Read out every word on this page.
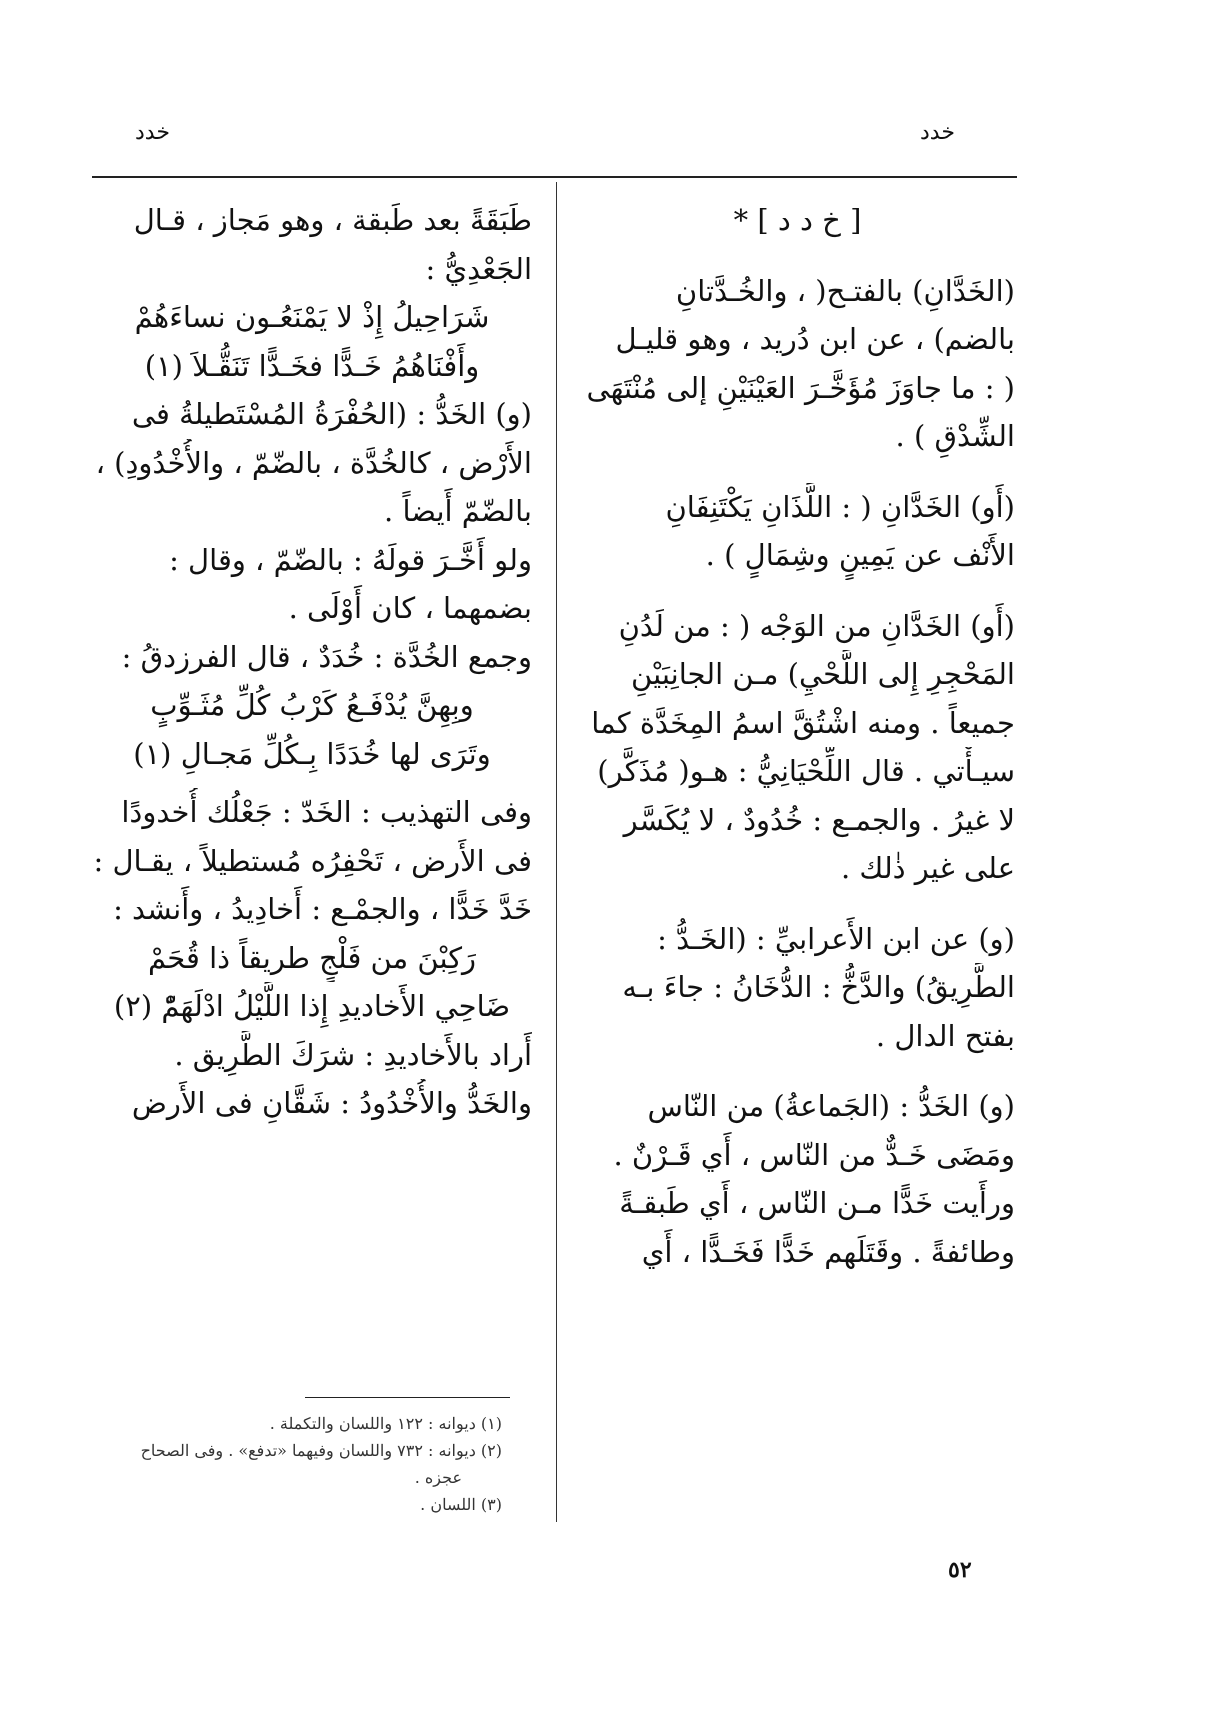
خدد
خدد
[ خ د د ] *
(الخَدَّانِ) بالفتـح( ، والخُـدَّتانِ
بالضم) ، عن ابن دُريد ، وهو قليـل
( : ما جاوَزَ مُؤَخَّـرَ العَيْنَيْنِ إلى مُنْتَهَى
الشِّدْقِ ) .
(أَو) الخَدَّانِ ( : اللَّذَانِ يَكْتَنِفَانِ
الأَنْف عن يَمِينٍ وشِمَالٍ ) .
(أَو) الخَدَّانِ من الوَجْه ( : من لَدُنِ
المَحْجِرِ إِلى اللَّحْيِ) مـن الجانِبَيْنِ
جميعاً . ومنه اشْتُقَّ اسمُ المِخَدَّة كما
سيـأْتي . قال اللِّحْيَانِيُّ : هـو( مُذَكَّر)
لا غيرُ . والجمـع : خُدُودٌ ، لا يُكَسَّر
على غير ذٰلك .
(و) عن ابن الأَعرابيِّ : (الخَـدُّ :
الطَّرِيقُ) والدَّخُّ : الدُّخَانُ : جاءَ بـه
بفتح الدال .
(و) الخَدُّ : (الجَماعةُ) من النّاس
ومَضَى خَـدٌّ من النّاس ، أَي قَـرْنٌ .
ورأَيت خَدًّا مـن النّاس ، أَي طَبقـةً
وطائفةً . وقَتَلَهم خَدًّا فَخَـدًّا ، أَي
طَبَقَةً بعد طَبقة ، وهو مَجاز ، قـال
الجَعْدِيُّ :
شَرَاحِيلُ إِذْ لا يَمْنَعُـون نساءَهُمْ
وأَفْنَاهُمُ خَـدًّا فخَـدًّا تَنَقُّـلاَ (١)
(و) الخَدُّ : (الحُفْرَةُ المُسْتَطيلةُ فى
الأَرْض ، كالخُدَّة ، بالضّمّ ، والأُخْدُودِ) ،
بالضّمّ أَيضاً .
ولو أَخَّـرَ قولَهُ : بالضّمّ ، وقال :
بضمهما ، كان أَوْلَى .
وجمع الخُدَّة : خُدَدٌ ، قال الفرزدقُ :
وبِهِنَّ يُدْفَـعُ كَرْبُ كُلِّ مُثَـوِّبٍ
وتَرَى لها خُدَدًا بِـكُلِّ مَجـالِ (١)
وفى التهذيب : الخَدّ : جَعْلُك أُخدودًا
فى الأَرض ، تَحْفِرُه مُستطيلاً ، يقـال :
خَدَّ خَدًّا ، والجمْـع : أَخادِيدُ ، وأَنشد :
رَكِبْنَ من فَلْجٍ طريقاً ذا قُحَمْ
ضَاحِي الأَخاديدِ إِذا اللَّيْلُ ادْلَهَمّْ (٢)
أَراد بالأَخاديدِ : شرَكَ الطَّرِيق .
والخَدُّ والأُخْدُودُ : شَقَّانِ فى الأَرض
(١) ديوانه : ١٢٢ واللسان والتكملة .
(٢) ديوانه : ٧٣٢ واللسان وفيهما «تدفع» . وفى الصحاح
عجزه .
(٣) اللسان .
٥٢
